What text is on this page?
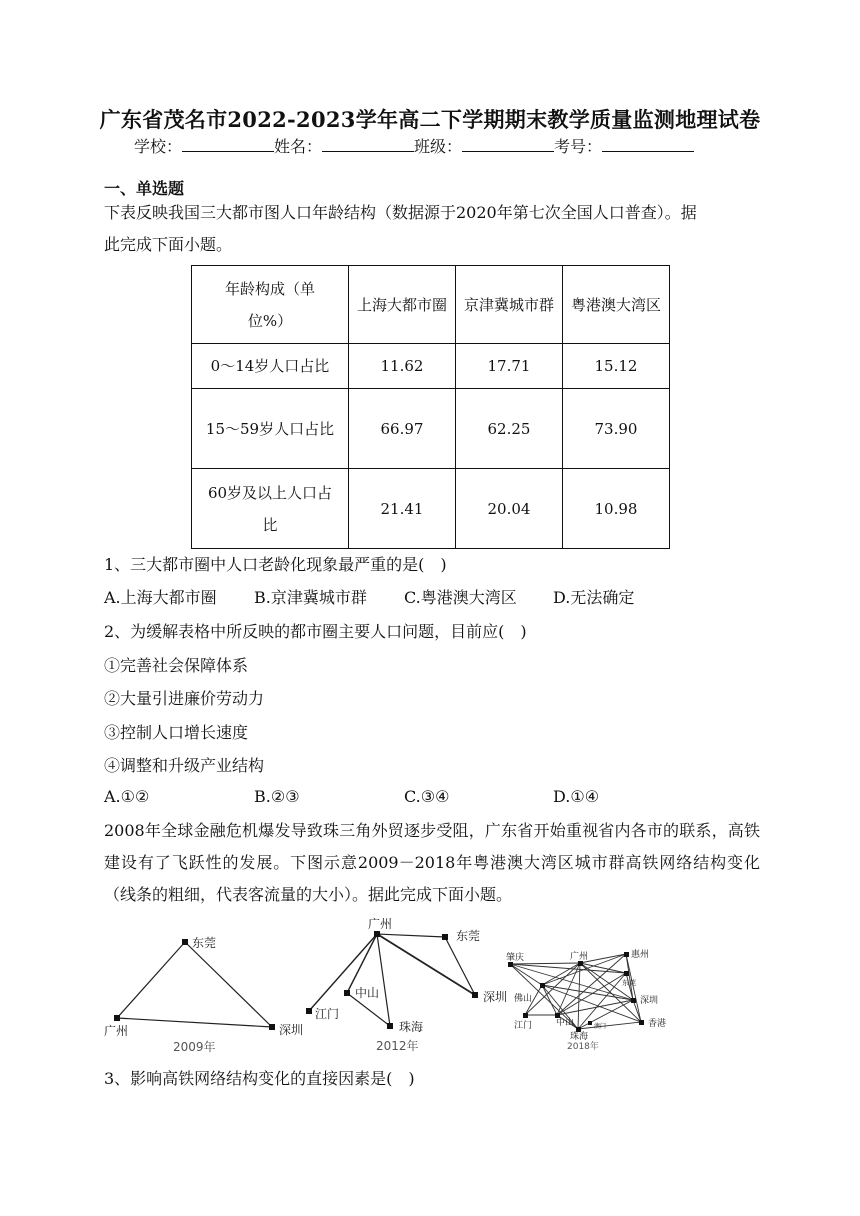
广东省茂名市2022-2023学年高二下学期期末教学质量监测地理试卷
学校：	姓名：	班级：	考号：
一、单选题
下表反映我国三大都市图人口年龄结构（数据源于2020年第七次全国人口普查）。据
此完成下面小题。
年龄构成（单位%）	上海大都市圈	京津冀城市群	粤港澳大湾区

0～14岁人口占比	11.62	17.71	15.12

15～59岁人口占比	66.97	62.25	73.90

60岁及以上人口占比	21.41	20.04	10.98
1、三大都市圈中人口老龄化现象最严重的是(　)
A.上海大都市圈 B.京津冀城市群 C.粤港澳大湾区 D.无法确定
2、为缓解表格中所反映的都市圈主要人口问题，目前应(　)
①完善社会保障体系
②大量引进廉价劳动力
③控制人口增长速度
④调整和升级产业结构
A.①②	B.②③	C.③④	D.①④
2008年全球金融危机爆发导致珠三角外贸逐步受阻，广东省开始重视省内各市的联系，高铁建设有了飞跃性的发展。下图示意2009－2018年粤港澳大湾区城市群高铁网络结构变化（线条的粗细，代表客流量的大小）。据此完成下面小题。
东莞
广州	深圳
2009年
广州
东莞
中山
江门
深圳
珠海
2012年
肇庆	广州	惠州
东莞
佛山	深圳
江门	中山	香港
珠海
澳门
2018年
3、影响高铁网络结构变化的直接因素是(　)
